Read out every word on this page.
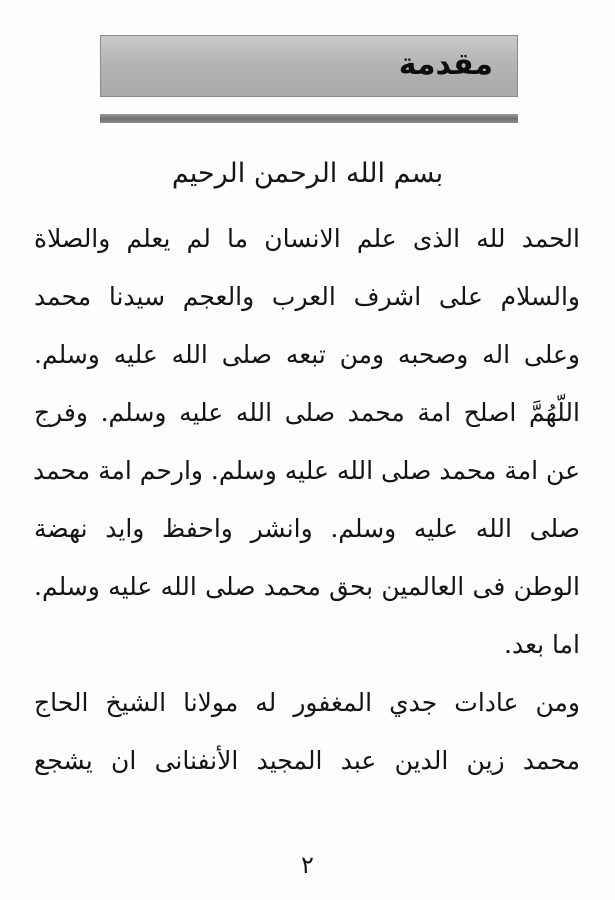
مقدمة
بسم الله الرحمن الرحيم
الحمد لله الذى علم الانسان ما لم يعلم والصلاة
والسلام على اشرف العرب والعجم سيدنا محمد
وعلى اله وصحبه ومن تبعه صلى الله عليه وسلم.
اللّهُمَّ اصلح امة محمد صلى الله عليه وسلم. وفرج
عن امة محمد صلى الله عليه وسلم. وارحم امة محمد
صلى الله عليه وسلم. وانشر واحفظ وايد نهضة
الوطن فى العالمين بحق محمد صلى الله عليه وسلم.
اما بعد.
ومن عادات جدي المغفور له مولانا الشيخ الحاج
محمد زين الدين عبد المجيد الأنفنانى ان يشجع
٢
